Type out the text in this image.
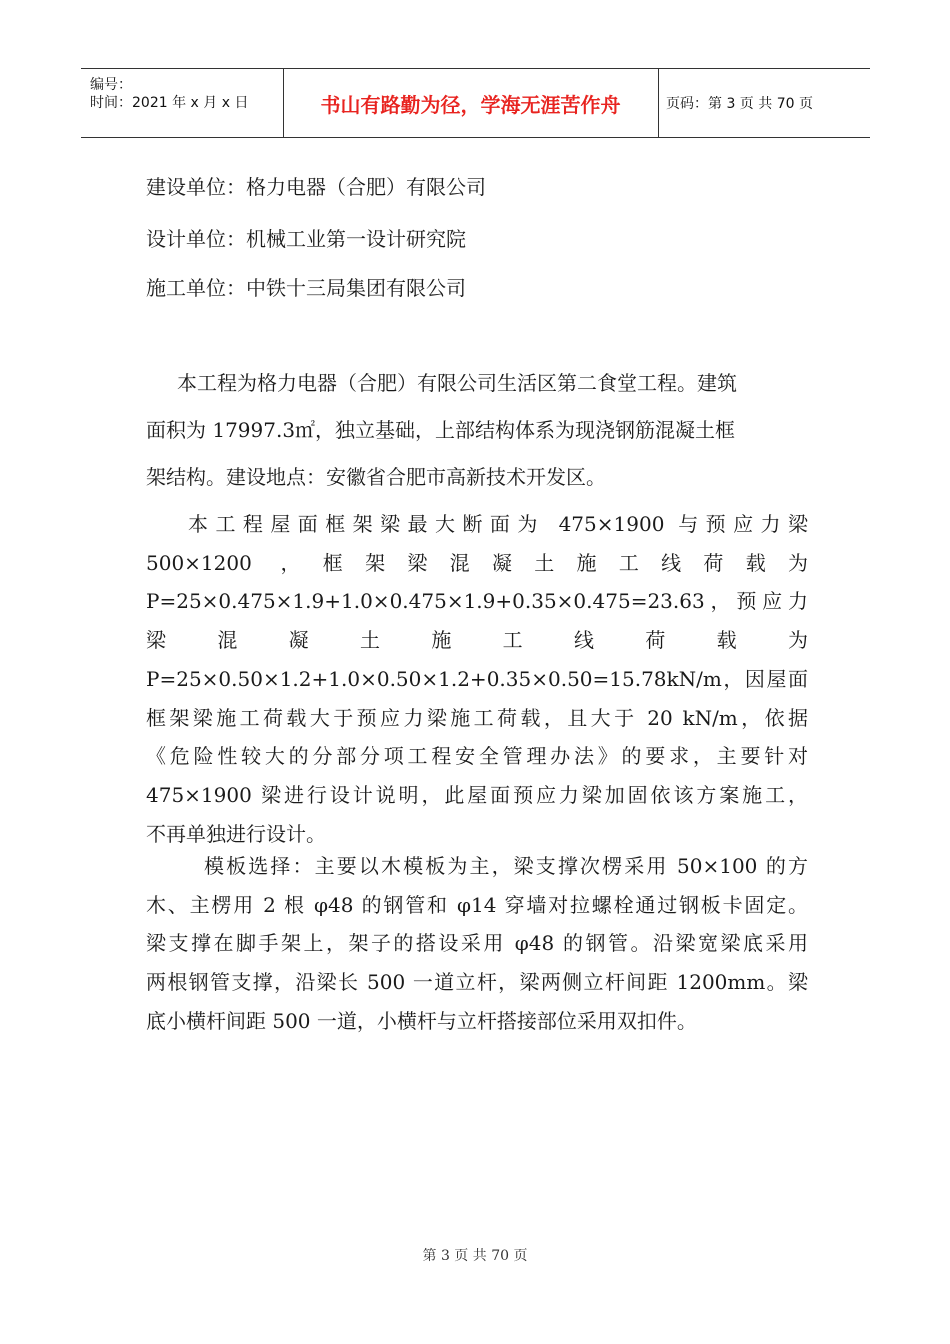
编号：
时间：2021 年 x 月 x 日	书山有路勤为径，学海无涯苦作舟	页码：第 3 页 共 70 页
建设单位：格力电器（合肥）有限公司
设计单位：机械工业第一设计研究院
施工单位：中铁十三局集团有限公司
本工程为格力电器（合肥）有限公司生活区第二食堂工程。建筑
面积为 17997.3㎡，独立基础，上部结构体系为现浇钢筋混凝土框
架结构。建设地点：安徽省合肥市高新技术开发区。
本工程屋面框架梁最大断面为 475×1900 与预应力梁
500×1200 ，框架梁混凝土施工线荷载为
P=25×0.475×1.9+1.0×0.475×1.9+0.35×0.475=23.63，预应力
梁 混 凝 土 施 工 线 荷 载 为
P=25×0.50×1.2+1.0×0.50×1.2+0.35×0.50=15.78kN/m，因屋面
框架梁施工荷载大于预应力梁施工荷载，且大于 20 kN/m，依据
《危险性较大的分部分项工程安全管理办法》的要求，主要针对
475×1900 梁进行设计说明，此屋面预应力梁加固依该方案施工，
不再单独进行设计。
模板选择：主要以木模板为主，梁支撑次楞采用 50×100 的方
木、主楞用 2 根 φ48 的钢管和 φ14 穿墙对拉螺栓通过钢板卡固定。
梁支撑在脚手架上，架子的搭设采用 φ48 的钢管。沿梁宽梁底采用
两根钢管支撑，沿梁长 500 一道立杆，梁两侧立杆间距 1200mm。梁
底小横杆间距 500 一道，小横杆与立杆搭接部位采用双扣件。
第 3 页 共 70 页
